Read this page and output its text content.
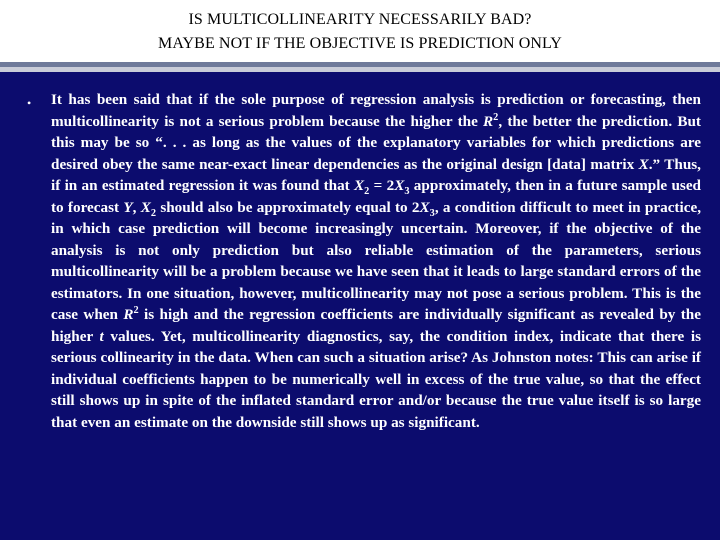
IS MULTICOLLINEARITY NECESSARILY BAD?
MAYBE NOT IF THE OBJECTIVE IS PREDICTION ONLY
• It has been said that if the sole purpose of regression analysis is prediction or forecasting, then multicollinearity is not a serious problem because the higher the $R^2$, the better the prediction. But this may be so “. . . as long as the values of the explanatory variables for which predictions are desired obey the same near-exact linear dependencies as the original design [data] matrix X.” Thus, if in an estimated regression it was found that $X_2 = 2X_3$ approximately, then in a future sample used to forecast Y, $X_2$ should also be approximately equal to $2X_3$, a condition difficult to meet in practice, in which case prediction will become increasingly uncertain. Moreover, if the objective of the analysis is not only prediction but also reliable estimation of the parameters, serious multicollinearity will be a problem because we have seen that it leads to large standard errors of the estimators. In one situation, however, multicollinearity may not pose a serious problem. This is the case when $R^2$ is high and the regression coefficients are individually significant as revealed by the higher t values. Yet, multicollinearity diagnostics, say, the condition index, indicate that there is serious collinearity in the data. When can such a situation arise? As Johnston notes: This can arise if individual coefficients happen to be numerically well in excess of the true value, so that the effect still shows up in spite of the inflated standard error and/or because the true value itself is so large that even an estimate on the downside still shows up as significant.
